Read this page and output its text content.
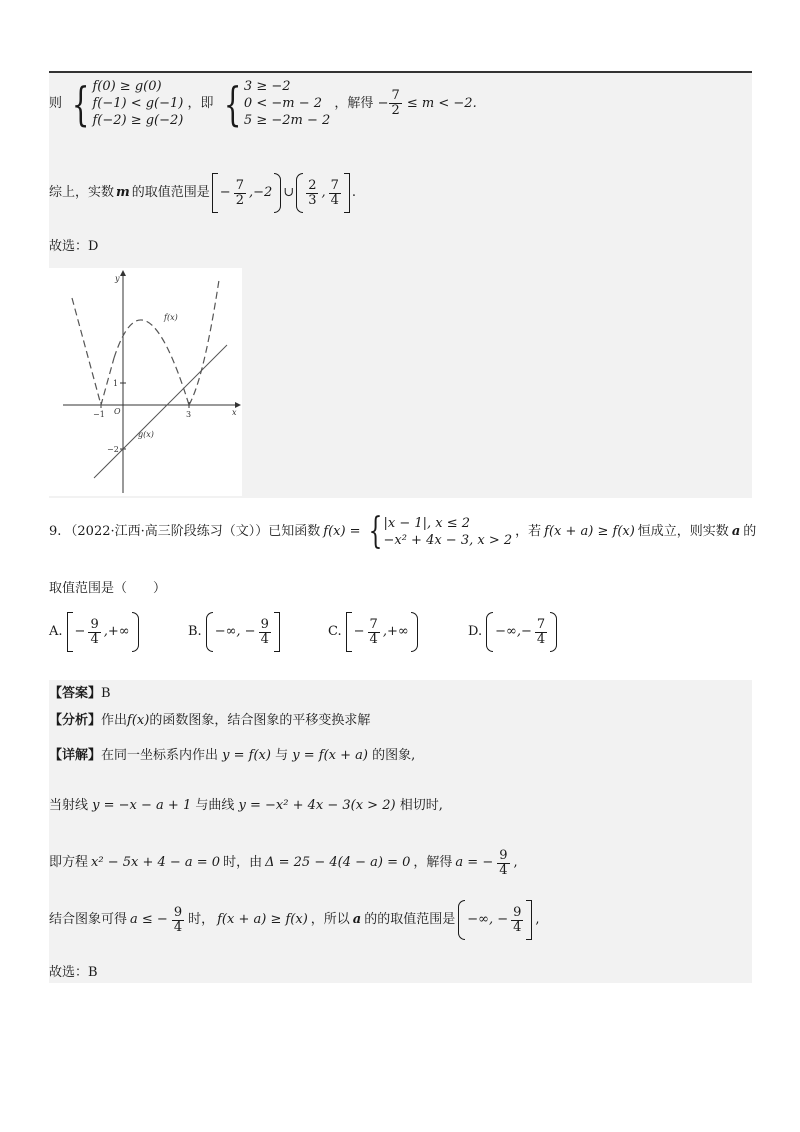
则 { f(0) ≥ g(0)
f(−1) < g(−1)
f(−2) ≥ g(−2)
，即 { 3 ≥ −2
0 < −m − 2
5 ≥ −2m − 2
，解得 − $\frac{7}{2} \le m < -2$.
综上，实数 m 的取值范围是 − $\frac{7}{2} ,-2$ ∪ $\frac{2}{3}$ , $\frac{7}{4}$ .
故选：D
y
x
f(x)
g(x)
O
−1	3
1
−2
9. （2022·江西·高三阶段练习（文））已知函数 f(x) = { |x − 1|, x ≤ 2
−x² + 4x − 3, x > 2
，若 f(x + a) ≥ f(x) 恒成立，则实数 a 的
取值范围是（　　）
A. − $\frac{9}{4}$ ,+∞	B. −∞, − $\frac{9}{4}$	C. − $\frac{7}{4}$ ,+∞	D. −∞,− $\frac{7}{4}$
【答案】B
【分析】作出f(x)的函数图象，结合图象的平移变换求解
【详解】在同一坐标系内作出 y = f(x) 与 y = f(x + a) 的图象,
当射线 y = −x − a + 1 与曲线 y = −x² + 4x − 3(x > 2) 相切时,
即方程 x² − 5x + 4 − a = 0 时，由 Δ = 25 − 4(4 − a) = 0 ，解得 a = − $\frac{9}{4}$ ,
结合图象可得 a ≤ − $\frac{9}{4}$ 时， f(x + a) ≥ f(x) ，所以 a 的的取值范围是 −∞, − $\frac{9}{4}$ ,
故选：B
